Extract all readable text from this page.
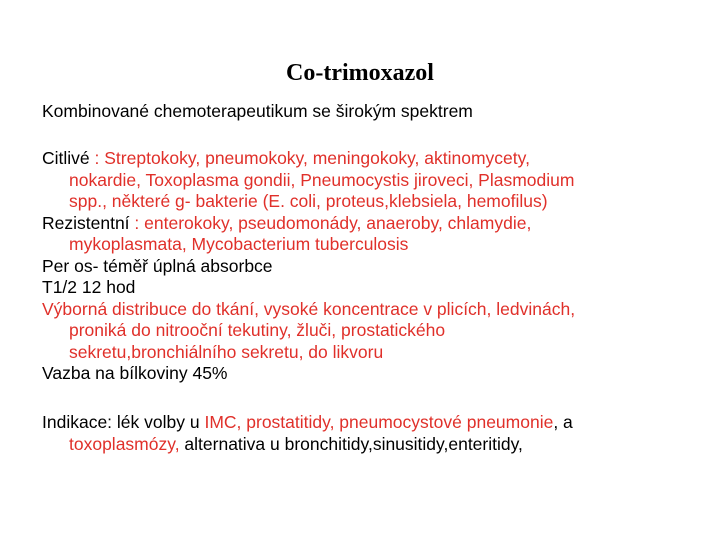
Co-trimoxazol
Kombinované chemoterapeutikum se širokým spektrem

Citlivé : Streptokoky, pneumokoky, meningokoky, aktinomycety,
nokardie, Toxoplasma gondii, Pneumocystis jiroveci, Plasmodium
spp., některé g- bakterie (E. coli, proteus,klebsiela, hemofilus)

Rezistentní : enterokoky, pseudomonády, anaeroby, chlamydie,
mykoplasmata, Mycobacterium tuberculosis

Per os- téměř úplná absorbce

T1/2 12 hod

Výborná distribuce do tkání, vysoké koncentrace v plicích, ledvinách,
proniká do nitrooční tekutiny, žluči, prostatického
sekretu,bronchiálního sekretu, do likvoru

Vazba na bílkoviny 45%

Indikace: lék volby u IMC, prostatitidy, pneumocystové pneumonie, a
toxoplasmózy, alternativa u bronchitidy,sinusitidy,enteritidy,
